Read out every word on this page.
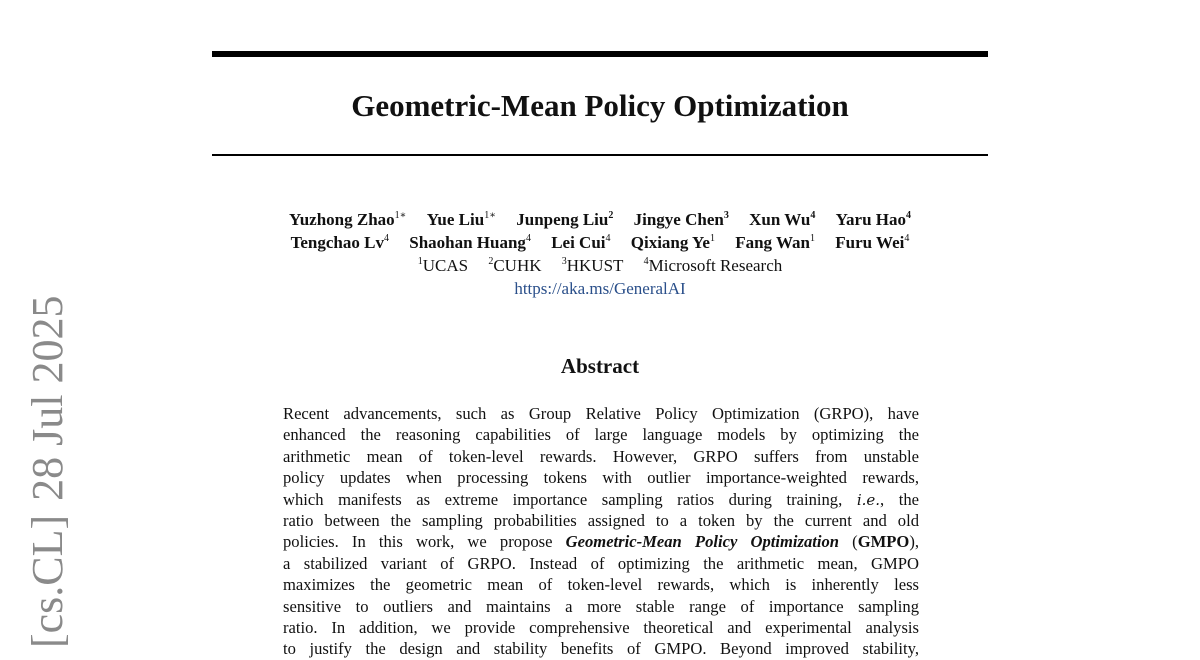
Geometric-Mean Policy Optimization
Yuzhong Zhao$^{1∗}$ Yue Liu$^{1∗}$ Junpeng Liu$^2$ Jingye Chen$^3$ Xun Wu$^4$ Yaru Hao$^4$
Tengchao Lv$^4$ Shaohan Huang$^4$ Lei Cui$^4$ Qixiang Ye$^1$ Fang Wan$^1$ Furu Wei$^4$
$^1$UCAS $^2$CUHK $^3$HKUST $^4$Microsoft Research
https://aka.ms/GeneralAI
Abstract
Recent advancements, such as Group Relative Policy Optimization (GRPO), have
enhanced the reasoning capabilities of large language models by optimizing the
arithmetic mean of token-level rewards. However, GRPO suffers from unstable
policy updates when processing tokens with outlier importance-weighted rewards,
which manifests as extreme importance sampling ratios during training, i.e., the
ratio between the sampling probabilities assigned to a token by the current and old
policies. In this work, we propose Geometric-Mean Policy Optimization (GMPO),
a stabilized variant of GRPO. Instead of optimizing the arithmetic mean, GMPO
maximizes the geometric mean of token-level rewards, which is inherently less
sensitive to outliers and maintains a more stable range of importance sampling
ratio. In addition, we provide comprehensive theoretical and experimental analysis
to justify the design and stability benefits of GMPO. Beyond improved stability,
[cs.CL]28 Jul 2025
